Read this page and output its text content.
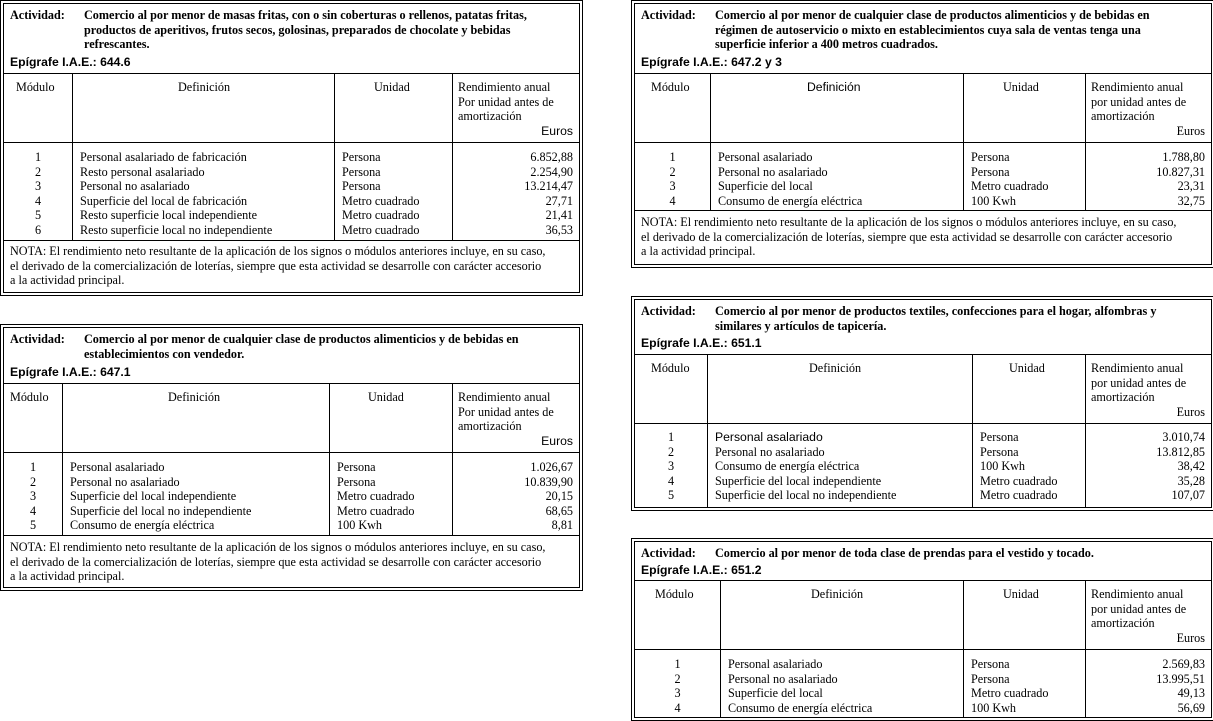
Actividad: Comercio al por menor de masas fritas, con o sin coberturas o rellenos, patatas fritas,
productos de aperitivos, frutos secos, golosinas, preparados de chocolate y bebidas
refrescantes.
Epígrafe I.A.E.: 644.6
Módulo	Definición	Unidad	Rendimiento anual
Por unidad antes de
amortización
Euros
NOTA: El rendimiento neto resultante de la aplicación de los signos o módulos anteriores incluye, en su caso,
el derivado de la comercialización de loterías, siempre que esta actividad se desarrolle con carácter accesorio
a la actividad principal.
1	Personal asalariado de fabricación	Persona	6.852,88
2	Resto personal asalariado	Persona	2.254,90
3	Personal no asalariado	Persona	13.214,47
4	Superficie del local de fabricación	Metro cuadrado	27,71
5	Resto superficie local independiente	Metro cuadrado	21,41
6	Resto superficie local no independiente	Metro cuadrado	36,53
Actividad: Comercio al por menor de cualquier clase de productos alimenticios y de bebidas en
establecimientos con vendedor.
Epígrafe I.A.E.: 647.1
Módulo	Definición	Unidad	Rendimiento anual
Por unidad antes de
amortización
Euros
NOTA: El rendimiento neto resultante de la aplicación de los signos o módulos anteriores incluye, en su caso,
el derivado de la comercialización de loterías, siempre que esta actividad se desarrolle con carácter accesorio
a la actividad principal.
1	Personal asalariado	Persona	1.026,67
2	Personal no asalariado	Persona	10.839,90
3	Superficie del local independiente	Metro cuadrado	20,15
4	Superficie del local no independiente	Metro cuadrado	68,65
5	Consumo de energía eléctrica	100 Kwh	8,81
Actividad: Comercio al por menor de cualquier clase de productos alimenticios y de bebidas en
régimen de autoservicio o mixto en establecimientos cuya sala de ventas tenga una
superficie inferior a 400 metros cuadrados.
Epígrafe I.A.E.: 647.2 y 3
Módulo	Definición	Unidad	Rendimiento anual
por unidad antes de
amortización
Euros
NOTA: El rendimiento neto resultante de la aplicación de los signos o módulos anteriores incluye, en su caso,
el derivado de la comercialización de loterías, siempre que esta actividad se desarrolle con carácter accesorio
a la actividad principal.
1	Personal asalariado	Persona	1.788,80
2	Personal no asalariado	Persona	10.827,31
3	Superficie del local	Metro cuadrado	23,31
4	Consumo de energía eléctrica	100 Kwh	32,75
Actividad: Comercio al por menor de productos textiles, confecciones para el hogar, alfombras y
similares y artículos de tapicería.
Epígrafe I.A.E.: 651.1
Módulo	Definición	Unidad	Rendimiento anual
por unidad antes de
amortización
Euros
1	Personal asalariado	Persona	3.010,74
2	Personal no asalariado	Persona	13.812,85
3	Consumo de energía eléctrica	100 Kwh	38,42
4	Superficie del local independiente	Metro cuadrado	35,28
5	Superficie del local no independiente	Metro cuadrado	107,07
Actividad: Comercio al por menor de toda clase de prendas para el vestido y tocado.
Epígrafe I.A.E.: 651.2
Módulo	Definición	Unidad	Rendimiento anual
por unidad antes de
amortización
Euros
1	Personal asalariado	Persona	2.569,83
2	Personal no asalariado	Persona	13.995,51
3	Superficie del local	Metro cuadrado	49,13
4	Consumo de energía eléctrica	100 Kwh	56,69
